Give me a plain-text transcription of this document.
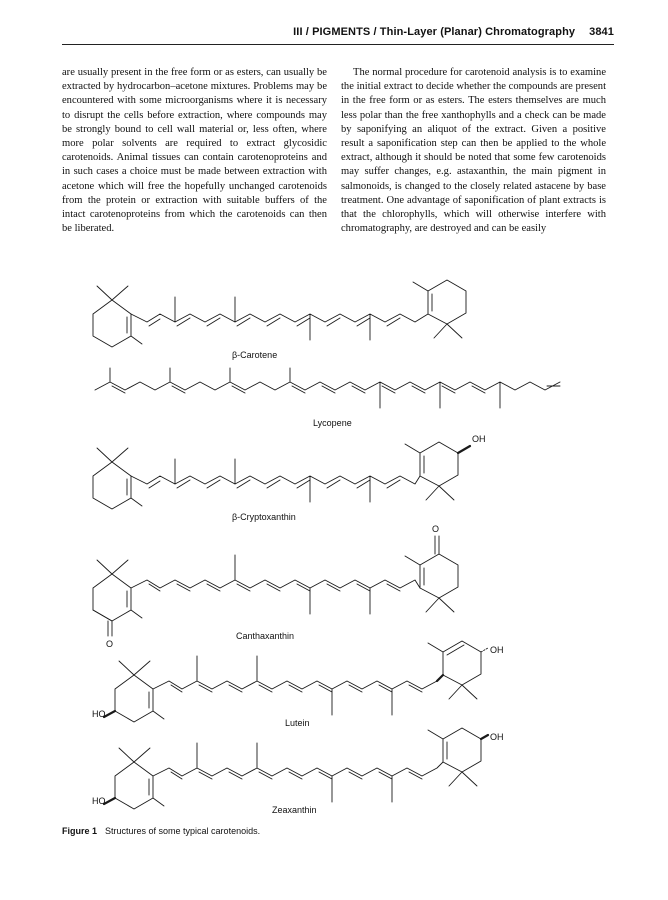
III / PIGMENTS / Thin-Layer (Planar) Chromatography 3841

are usually present in the free form or as esters, can usually be extracted by hydrocarbon–acetone mixtures. Problems may be encountered with some microorganisms where it is necessary to disrupt the cells before extraction, where compounds may be strongly bound to cell wall material or, less often, where more polar solvents are required to extract glycosidic carotenoids. Animal tissues can contain carotenoproteins and in such cases a choice must be made between extraction with acetone which will free the hopefully unchanged carotenoids from the protein or extraction with suitable buffers of the intact carotenoproteins from which the carotenoids can then be liberated.

The normal procedure for carotenoid analysis is to examine the initial extract to decide whether the compounds are present in the free form or as esters. The esters themselves are much less polar than the free xanthophylls and a check can be made by saponifying an aliquot of the extract. Given a positive result a saponification step can then be applied to the whole extract, although it should be noted that some few carotenoids may suffer changes, e.g. astaxanthin, the main pigment in salmonoids, is changed to the closely related astacene by base treatment. One advantage of saponification of plant extracts is that the chlorophylls, which will otherwise interfere with chromatography, are destroyed and can be easily

β-Carotene
Lycopene
OH
β-Cryptoxanthin
O
O
Canthaxanthin
OH
HO
Lutein
OH
HO
Zeaxanthin
Figure 1 Structures of some typical carotenoids.
